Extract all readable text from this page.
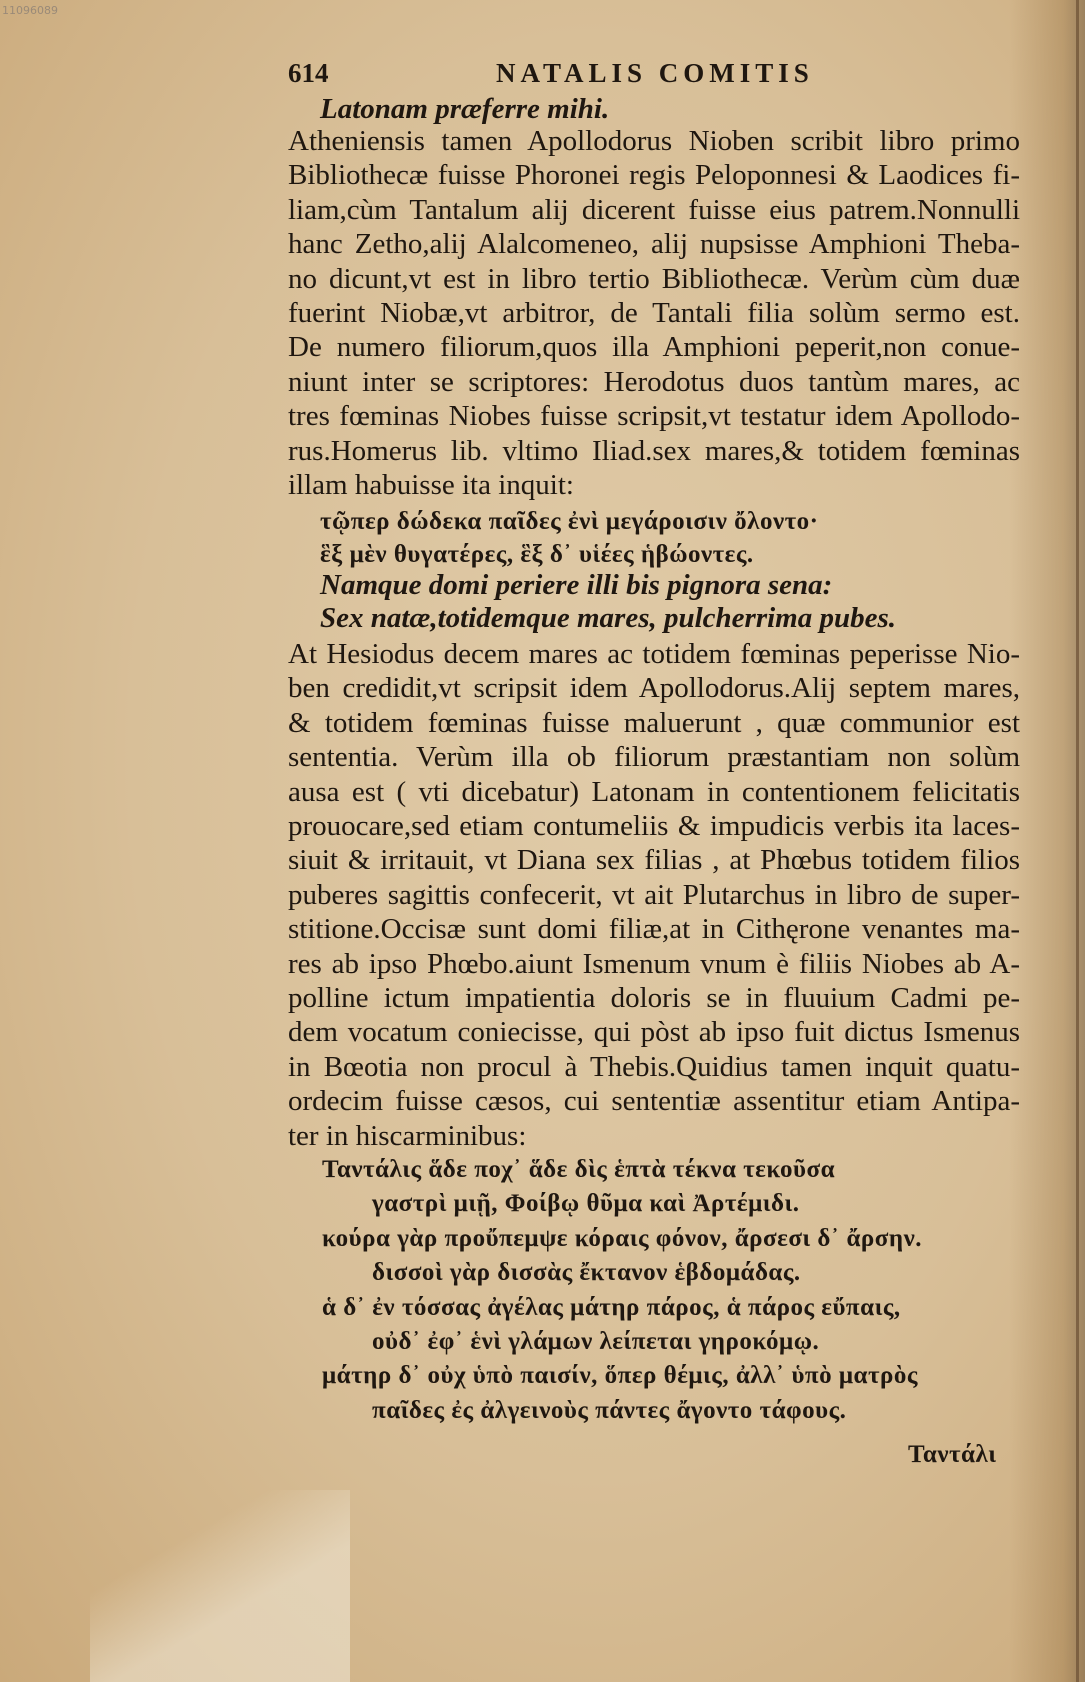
11096089
614	NATALIS COMITIS
Latonam præferre mihi.
Atheniensis tamen Apollodorus Nioben scribit libro primo
Bibliothecæ fuisse Phoronei regis Peloponnesi & Laodices fi-
liam,cùm Tantalum alij dicerent fuisse eius patrem.Nonnulli
hanc Zetho,alij Alalcomeneo, alij nupsisse Amphioni Theba-
no dicunt,vt est in libro tertio Bibliothecæ. Verùm cùm duæ
fuerint Niobæ,vt arbitror, de Tantali filia solùm sermo est.
De numero filiorum,quos illa Amphioni peperit,non conue-
niunt inter se scriptores: Herodotus duos tantùm mares, ac
tres fœminas Niobes fuisse scripsit,vt testatur idem Apollodo-
rus.Homerus lib. vltimo Iliad.sex mares,& totidem fœminas
illam habuisse ita inquit:
τῷπερ δώδεκα παῖδες ἐνὶ μεγάροισιν ὄλοντο·
ἓξ μὲν θυγατέρες, ἓξ δ᾽ υἱέες ἡβώοντες.
Namque domi periere illi bis pignora sena:
Sex natæ,totidemque mares, pulcherrima pubes.
At Hesiodus decem mares ac totidem fœminas peperisse Nio-
ben credidit,vt scripsit idem Apollodorus.Alij septem mares,
& totidem fœminas fuisse maluerunt , quæ communior est
sententia. Verùm illa ob filiorum præstantiam non solùm
ausa est ( vti dicebatur) Latonam in contentionem felicitatis
prouocare,sed etiam contumeliis & impudicis verbis ita laces-
siuit & irritauit, vt Diana sex filias , at Phœbus totidem filios
puberes sagittis confecerit, vt ait Plutarchus in libro de super-
stitione.Occisæ sunt domi filiæ,at in Cithęrone venantes ma-
res ab ipso Phœbo.aiunt Ismenum vnum è filiis Niobes ab A-
polline ictum impatientia doloris se in fluuium Cadmi pe-
dem vocatum coniecisse, qui pòst ab ipso fuit dictus Ismenus
in Bœotia non procul à Thebis.Quidius tamen inquit quatu-
ordecim fuisse cæsos, cui sententiæ assentitur etiam Antipa-
ter in hiscarminibus:
Ταντάλις ἅδε ποχ᾽ ἅδε δὶς ἑπτὰ τέκνα τεκοῦσα
γαστρὶ μιῇ, Φοίβῳ θῦμα καὶ Ἀρτέμιδι.
κούρα γὰρ προὔπεμψε κόραις φόνον, ἄρσεσι δ᾽ ἄρσην.
δισσοὶ γὰρ δισσὰς ἔκτανον ἑβδομάδας.
ἁ δ᾽ ἐν τόσσας ἀγέλας μάτηρ πάρος, ἁ πάρος εὔπαις,
οὐδ᾽ ἐφ᾽ ἑνὶ γλάμων λείπεται γηροκόμῳ.
μάτηρ δ᾽ οὐχ ὑπὸ παισίν, ὅπερ θέμις, ἀλλ᾽ ὑπὸ ματρὸς
παῖδες ἐς ἀλγεινοὺς πάντες ἄγοντο τάφους.
Ταντάλι
